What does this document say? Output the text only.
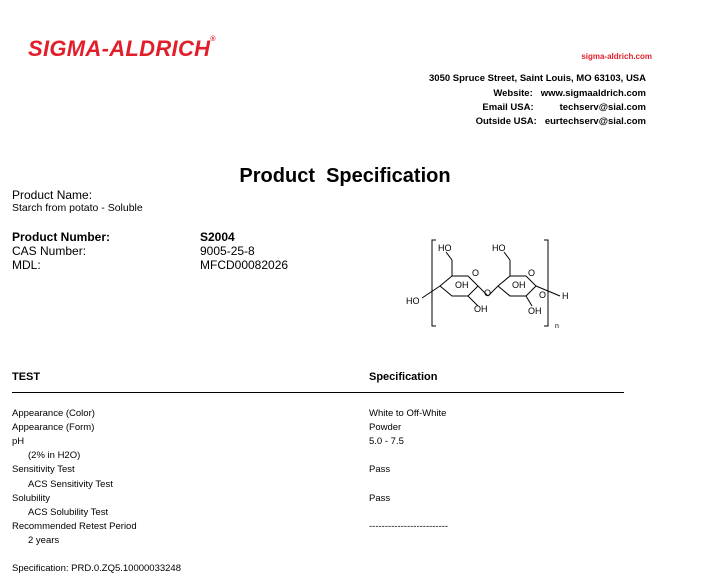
SIGMA-ALDRICH®
sigma-aldrich.com
3050 Spruce Street, Saint Louis, MO 63103, USA
Website: www.sigmaaldrich.com
Email USA:	techserv@sial.com
Outside USA: eurtechserv@sial.com
Product  Specification
Product Name:
Starch from potato - Soluble
Product Number:	S2004
CAS Number:	9005-25-8
MDL:	MFCD00082026
HO	HO
HO
O
OH
OH
O
O
OH
OH
O H
n
TEST	Specification
Appearance (Color)	White to Off-White
Appearance (Form)	Powder
pH	5.0 - 7.5
(2% in H2O)
Sensitivity Test	Pass
ACS Sensitivity Test
Solubility	Pass
ACS Solubility Test
Recommended Retest Period	-------------------------
2 years
Specification: PRD.0.ZQ5.10000033248
